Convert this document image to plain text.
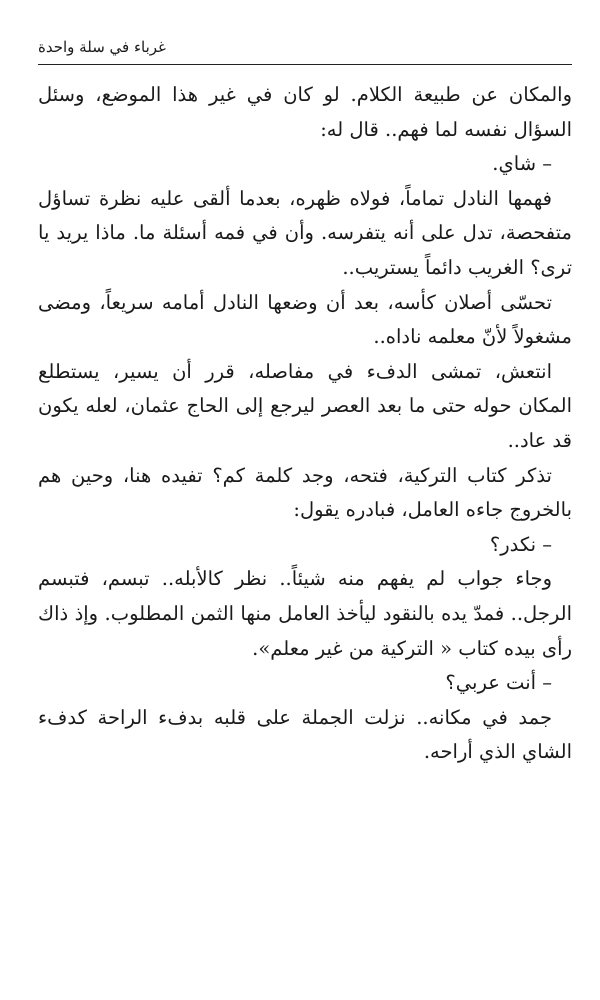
غرباء في سلة واحدة

والمكان عن طبيعة الكلام. لو كان في غير هذا الموضع، وسئل السؤال نفسه لما فهم.. قال له:

– شاي.

فهمها النادل تماماً، فولاه ظهره، بعدما ألقى عليه نظرة تساؤل متفحصة، تدل على أنه يتفرسه. وأن في فمه أسئلة ما. ماذا يريد يا ترى؟ الغريب دائماً يستريب..

تحسّى أصلان كأسه، بعد أن وضعها النادل أمامه سريعاً، ومضى مشغولاً لأنّ معلمه ناداه..

انتعش، تمشى الدفء في مفاصله، قرر أن يسير، يستطلع المكان حوله حتى ما بعد العصر ليرجع إلى الحاج عثمان، لعله يكون قد عاد..

تذكر كتاب التركية، فتحه، وجد كلمة كم؟ تفيده هنا، وحين هم بالخروج جاءه العامل، فبادره يقول:

– نكدر؟

وجاء جواب لم يفهم منه شيئاً.. نظر كالأبله.. تبسم، فتبسم الرجل.. فمدّ يده بالنقود ليأخذ العامل منها الثمن المطلوب. وإذ ذاك رأى بيده كتاب « التركية من غير معلم».

– أنت عربي؟

جمد في مكانه.. نزلت الجملة على قلبه بدفء الراحة كدفء الشاي الذي أراحه.
